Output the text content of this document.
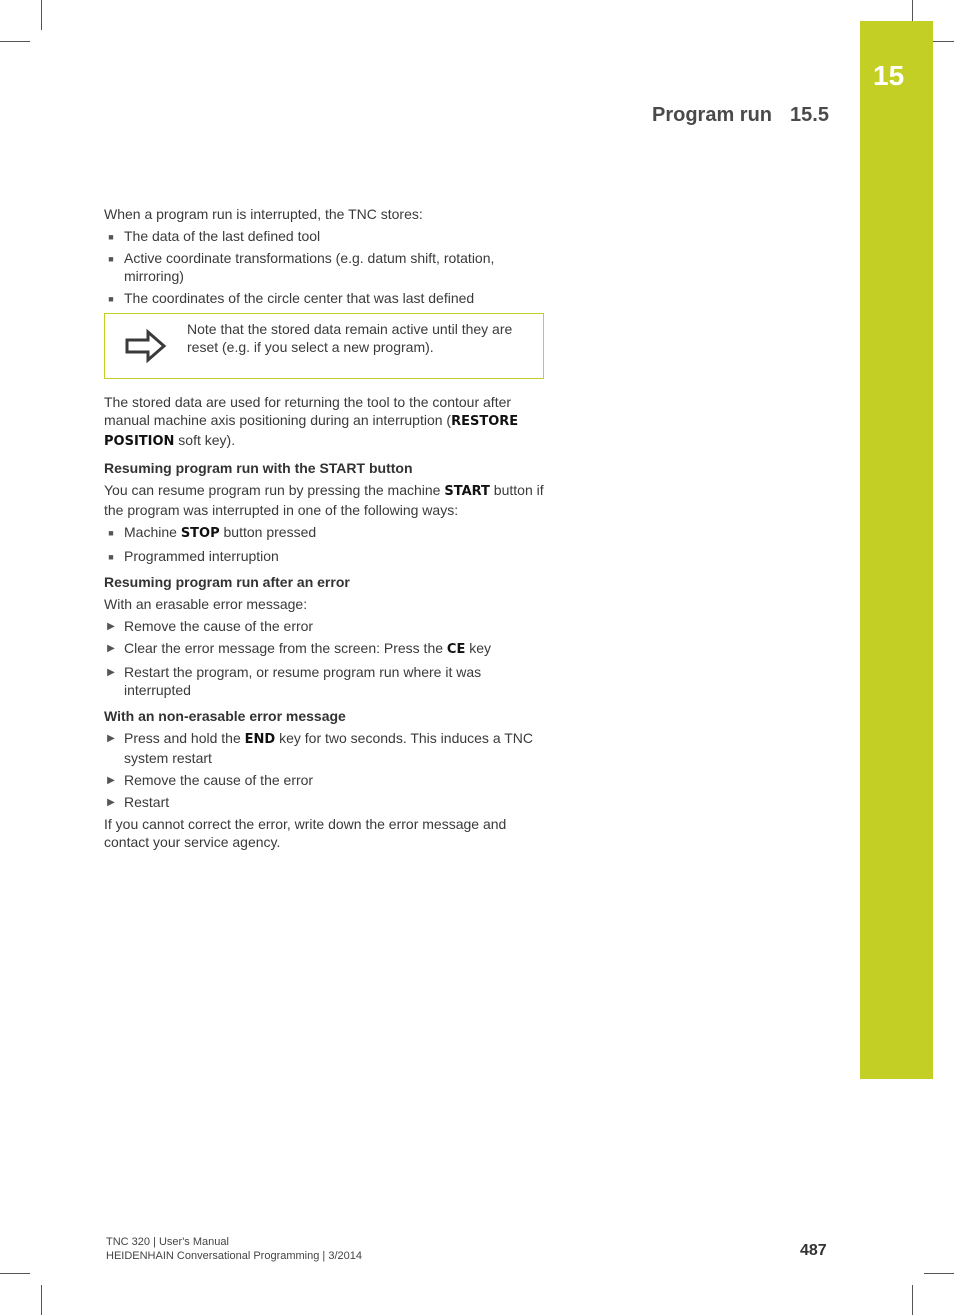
15
Program run 15.5

When a program run is interrupted, the TNC stores:

■ The data of the last defined tool
■ Active coordinate transformations (e.g. datum shift, rotation, mirroring)
■ The coordinates of the circle center that was last defined
Note that the stored data remain active until they are reset (e.g. if you select a new program).

The stored data are used for returning the tool to the contour after manual machine axis positioning during an interruption (RESTORE POSITION soft key).

Resuming program run with the START button

You can resume program run by pressing the machine START button if the program was interrupted in one of the following ways:

■ Machine STOP button pressed
■ Programmed interruption
Resuming program run after an error

With an erasable error message:

▶ Remove the cause of the error
▶ Clear the error message from the screen: Press the CE key
▶ Restart the program, or resume program run where it was interrupted
With an non-erasable error message
▶ Press and hold the END key for two seconds. This induces a TNC system restart
▶ Remove the cause of the error
▶ Restart

If you cannot correct the error, write down the error message and contact your service agency.

TNC 320 | User's Manual
HEIDENHAIN Conversational Programming | 3/2014	487
